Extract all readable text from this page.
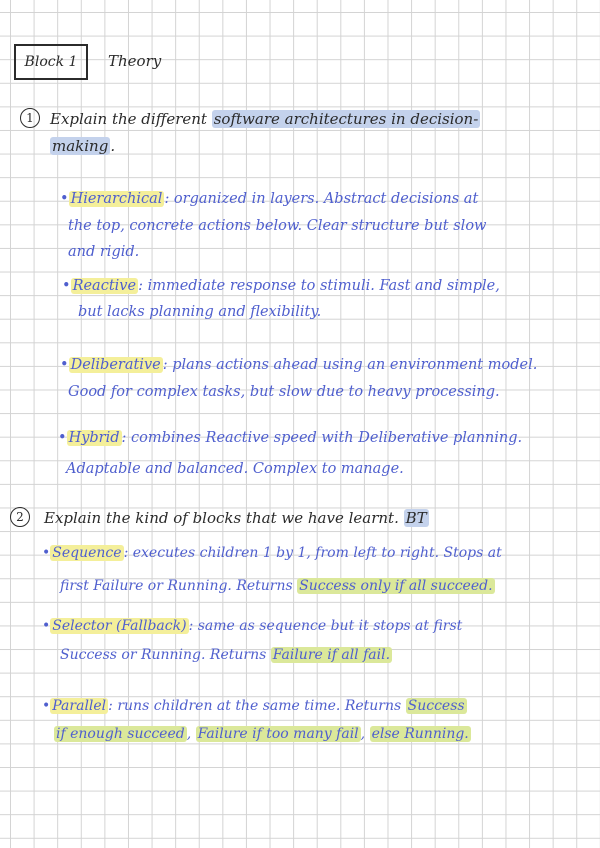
Block 1 Theory
1	Explain the different software architectures in decision-
making .
• Hierarchical : organized in layers. Abstract decisions at
the top, concrete actions below. Clear structure but slow
and rigid.
• Reactive : immediate response to stimuli. Fast and simple,
but lacks planning and flexibility.
• Deliberative : plans actions ahead using an environment model.
Good for complex tasks, but slow due to heavy processing.
• Hybrid : combines Reactive speed with Deliberative planning.
Adaptable and balanced. Complex to manage.
2	Explain the kind of blocks that we have learnt. BT
• Sequence : executes children 1 by 1, from left to right. Stops at
first Failure or Running. Returns Success only if all succeed.
• Selector (Fallback) : same as sequence but it stops at first
Success or Running. Returns Failure if all fail.
• Parallel : runs children at the same time. Returns Success
if enough succeed , Failure if too many fail , else Running.
